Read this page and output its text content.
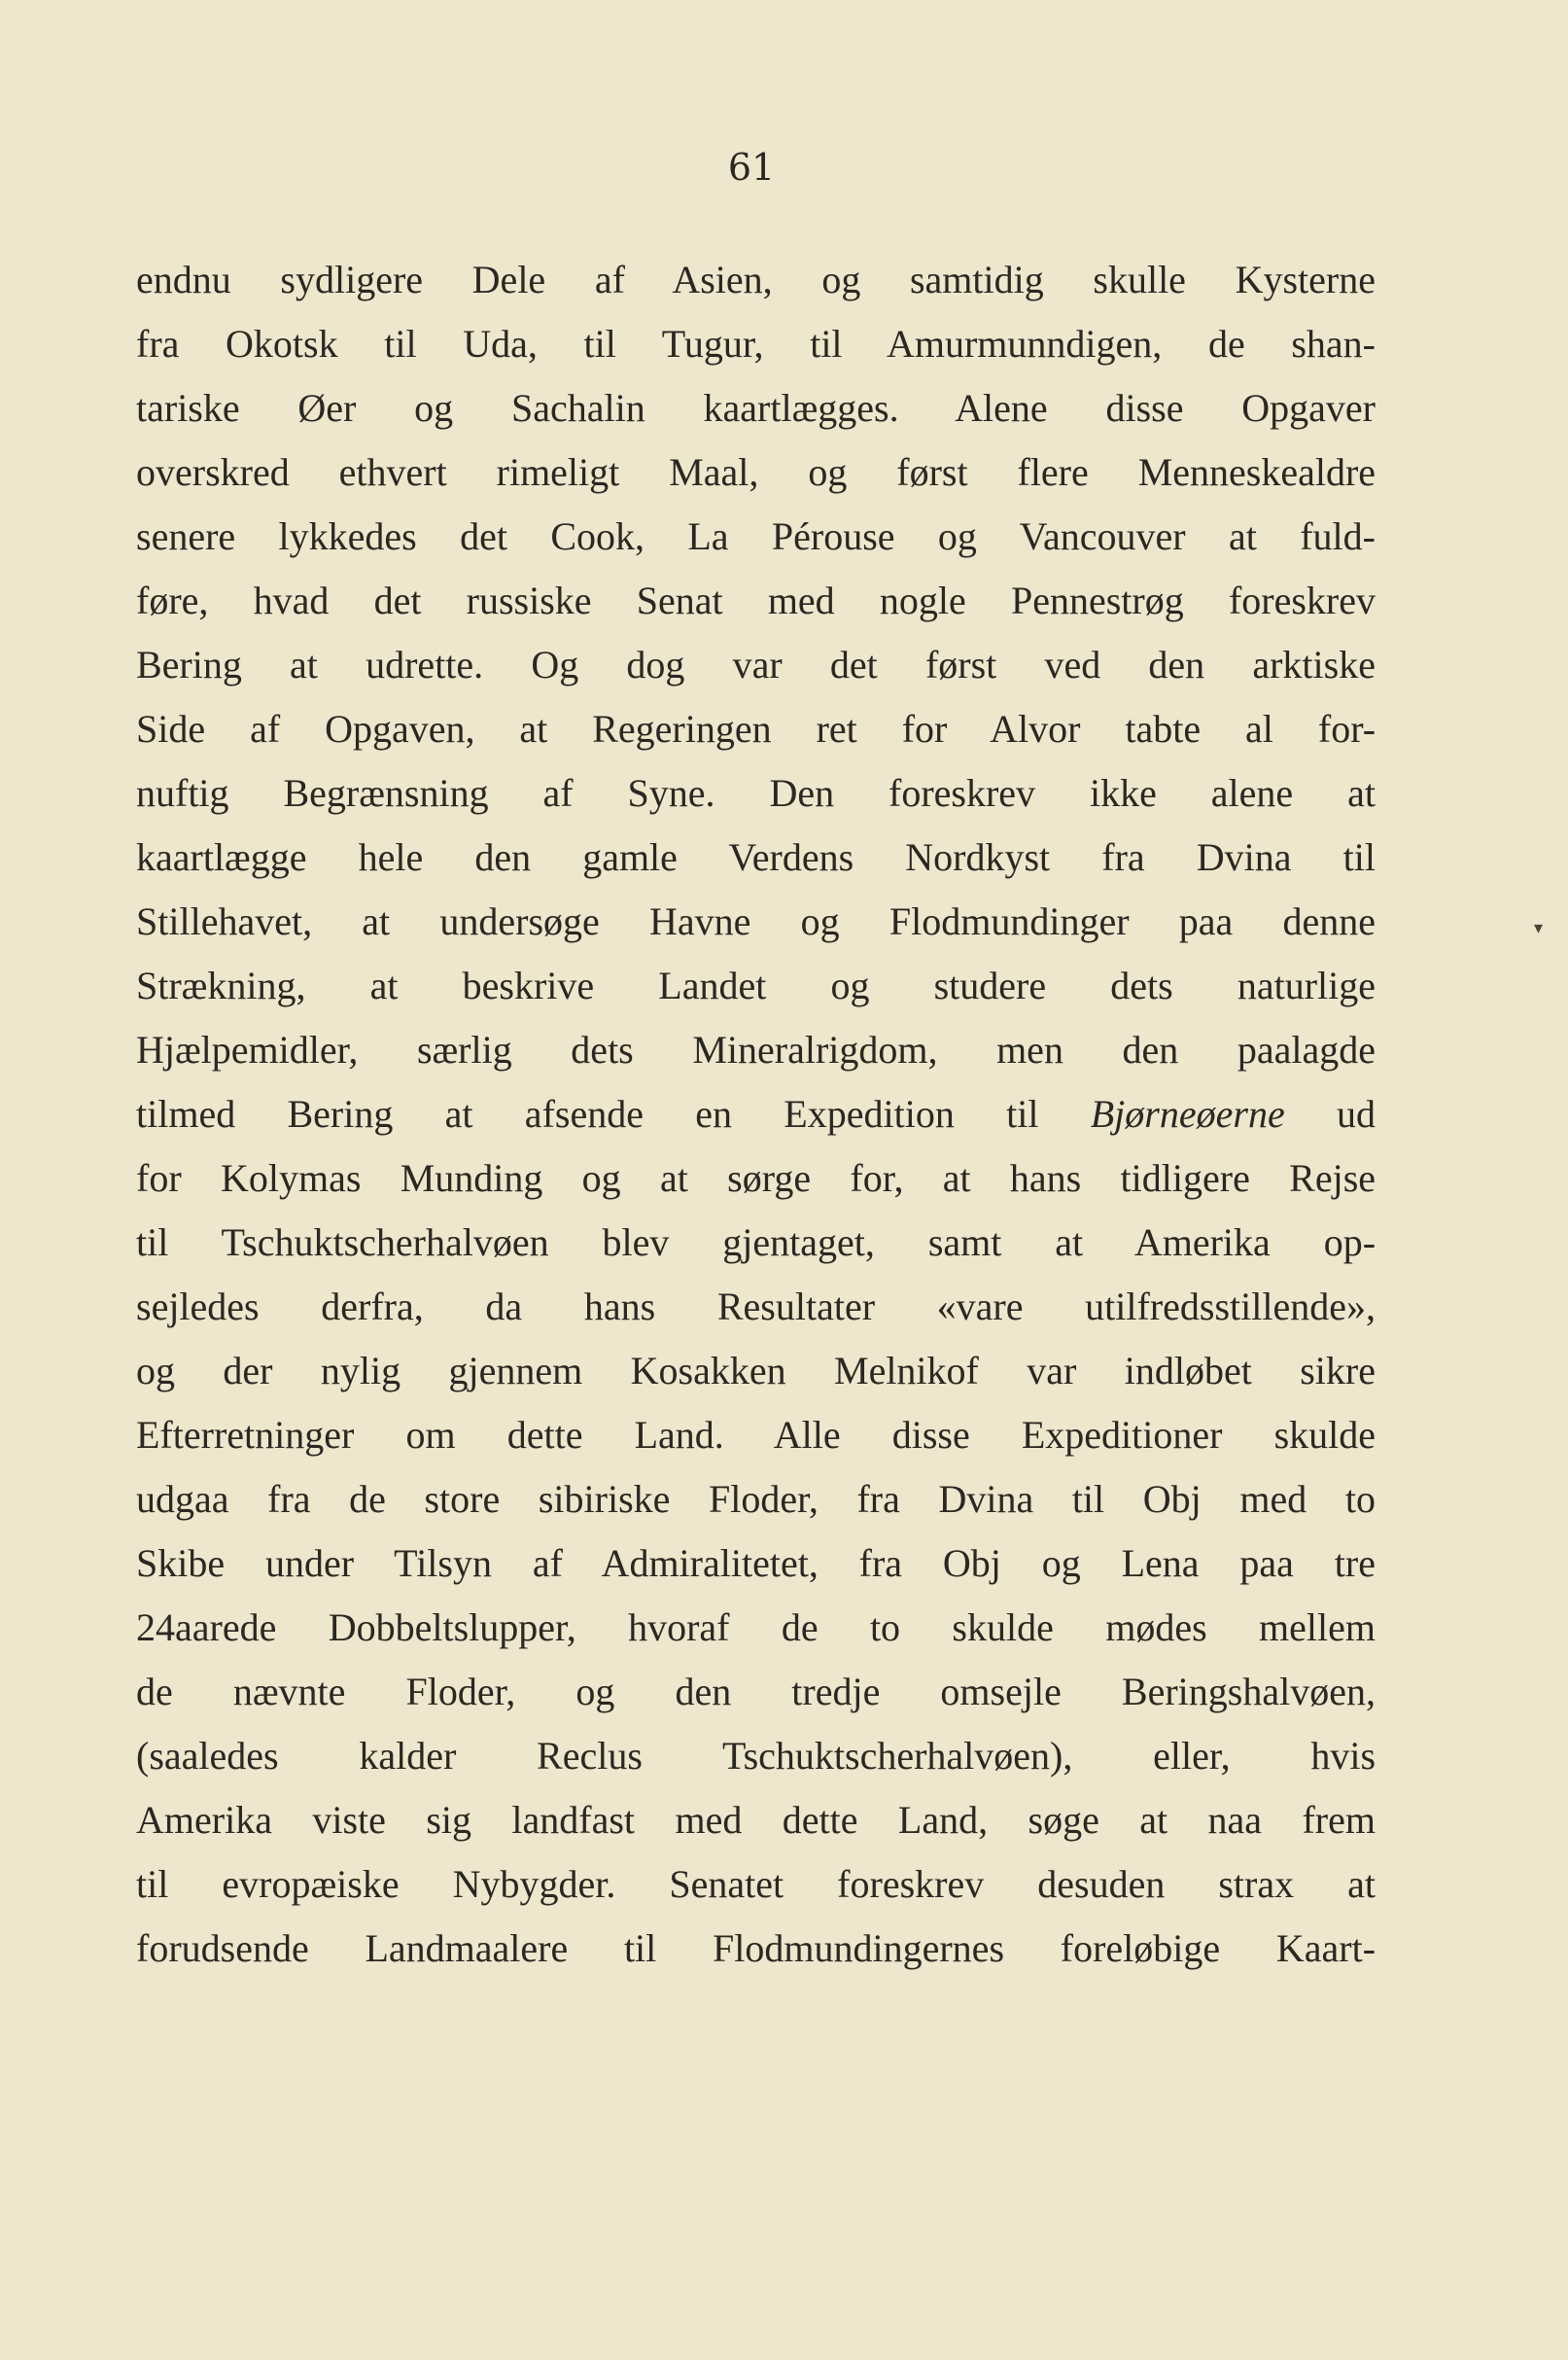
61
▾
endnu sydligere Dele af Asien, og samtidig skulle Kysterne
fra Okotsk til Uda, til Tugur, til Amurmunndigen, de shan-
tariske Øer og Sachalin kaartlægges. Alene disse Opgaver
overskred ethvert rimeligt Maal, og først flere Menneskealdre
senere lykkedes det Cook, La Pérouse og Vancouver at fuld-
føre, hvad det russiske Senat med nogle Pennestrøg foreskrev
Bering at udrette. Og dog var det først ved den arktiske
Side af Opgaven, at Regeringen ret for Alvor tabte al for-
nuftig Begrænsning af Syne. Den foreskrev ikke alene at
kaartlægge hele den gamle Verdens Nordkyst fra Dvina til
Stillehavet, at undersøge Havne og Flodmundinger paa denne
Strækning, at beskrive Landet og studere dets naturlige
Hjælpemidler, særlig dets Mineralrigdom, men den paalagde
tilmed Bering at afsende en Expedition til Bjørneøerne ud
for Kolymas Munding og at sørge for, at hans tidligere Rejse
til Tschuktscherhalvøen blev gjentaget, samt at Amerika op-
sejledes derfra, da hans Resultater «vare utilfredsstillende»,
og der nylig gjennem Kosakken Melnikof var indløbet sikre
Efterretninger om dette Land. Alle disse Expeditioner skulde
udgaa fra de store sibiriske Floder, fra Dvina til Obj med to
Skibe under Tilsyn af Admiralitetet, fra Obj og Lena paa tre
24aarede Dobbeltslupper, hvoraf de to skulde mødes mellem
de nævnte Floder, og den tredje omsejle Beringshalvøen,
(saaledes kalder Reclus Tschuktscherhalvøen), eller, hvis
Amerika viste sig landfast med dette Land, søge at naa frem
til evropæiske Nybygder. Senatet foreskrev desuden strax at
forudsende Landmaalere til Flodmundingernes foreløbige Kaart-
